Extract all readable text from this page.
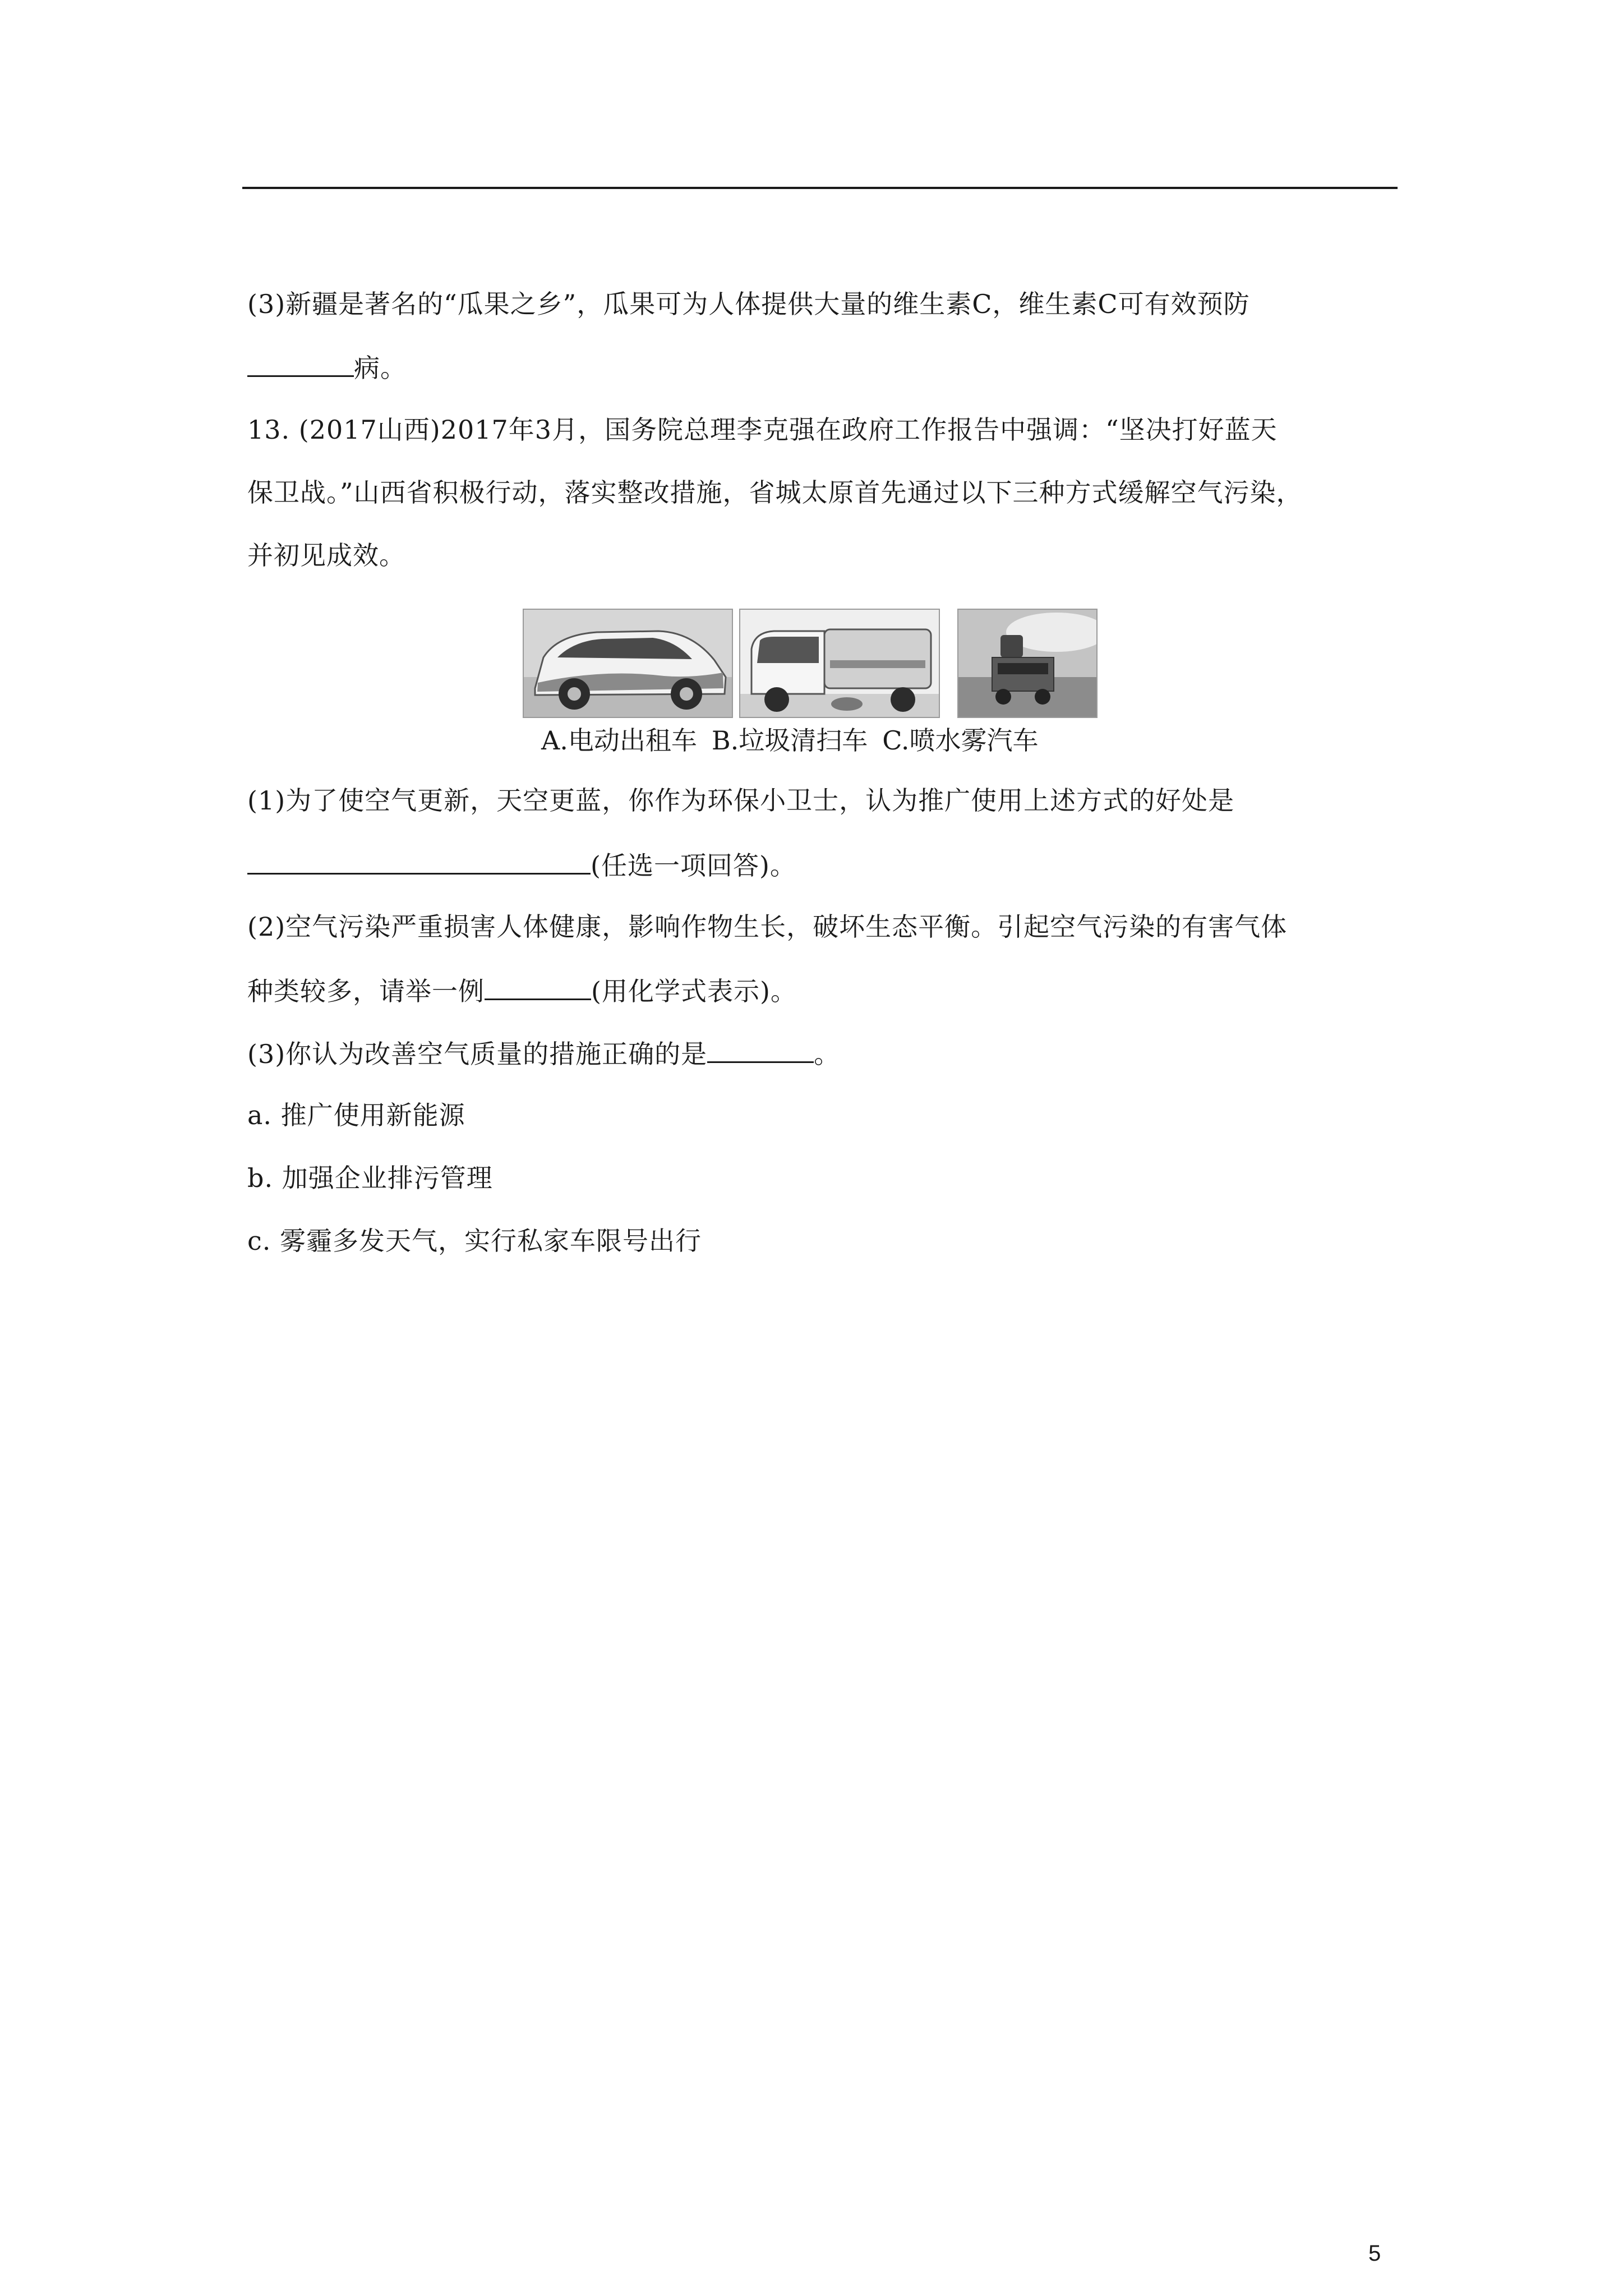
(3)新疆是著名的“瓜果之乡”，瓜果可为人体提供大量的维生素C，维生素C可有效预防
病。
13. (2017山西)2017年3月，国务院总理李克强在政府工作报告中强调：“坚决打好蓝天
保卫战。”山西省积极行动，落实整改措施，省城太原首先通过以下三种方式缓解空气污染，
并初见成效。
A.电动出租车 B.垃圾清扫车 C.喷水雾汽车
(1)为了使空气更新，天空更蓝，你作为环保小卫士，认为推广使用上述方式的好处是
(任选一项回答)。
(2)空气污染严重损害人体健康，影响作物生长，破坏生态平衡。引起空气污染的有害气体
种类较多，请举一例	(用化学式表示)。
(3)你认为改善空气质量的措施正确的是	。
a. 推广使用新能源
b. 加强企业排污管理
c. 雾霾多发天气，实行私家车限号出行
5
